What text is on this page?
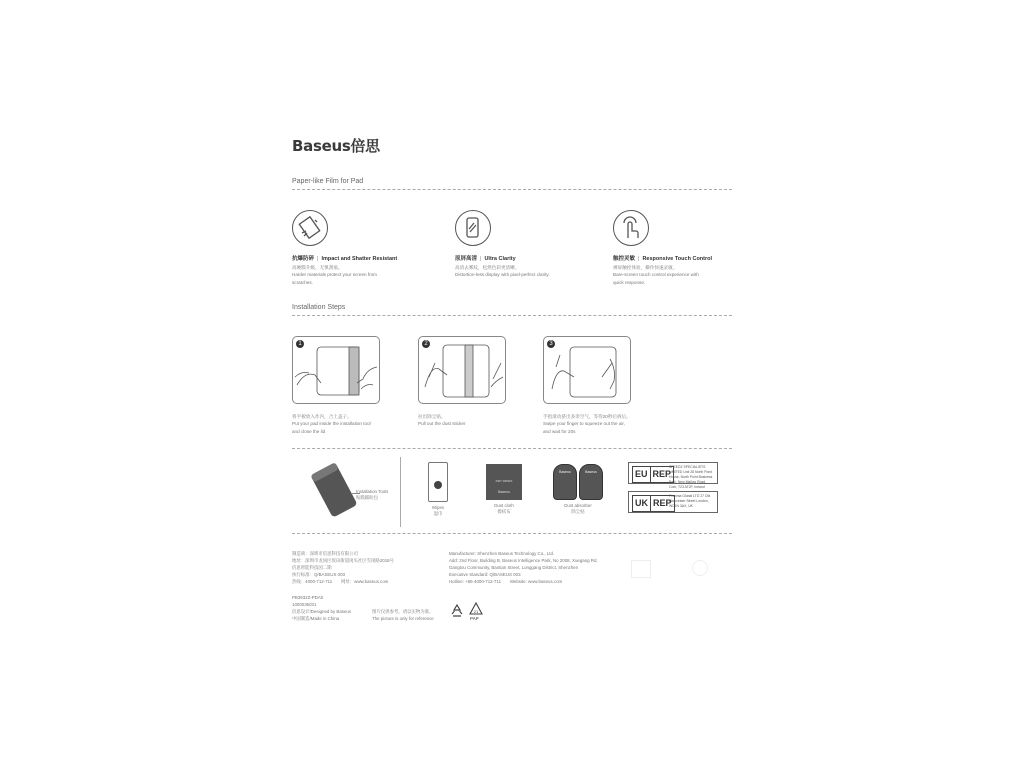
Baseus倍思
Paper-like Film for Pad
抗爆防碎 | Impact and Shatter Resistant
高硬膜升级，无惧刮痕。
Harder materials protect your screen from
scratches.
原屏高清 | Ultra Clarity
高清去雾纹，松然色彩更清晰。
Distortion-less display with pixel-perfect clarity.
触控灵敏 | Responsive Touch Control
裸屏触控体验，操作快速灵敏。
Bare-screen touch control experience with
quick response.
Installation Steps
1	2	3
将平板放入作内，合上盖子。
Put your pad inside the installation tool
and close the lid
拉出除尘贴。
Pull out the dust sticker
手指滑动挤出多余空气，等待20秒后拆后。
Swipe your finger to squeeze out the air,
and wait for 20s
Installation Tools
贴膜辅助包
Wipes
湿巾
DRY WIPES
Baseus
Dust cloth
擦拭布
Baseus	Baseus
Dust absorber
除尘贴
EU REP
SPEEDZ SPECIALISTS LIMITED Unit 28 North Point House, North Point Business Park, New Mallow Road, Cork, T23 AT2P, Ireland
UK REP
Proxima Global LTD 27 Old Gloucester Street London, WC1N 3AX, UK
制造商：深圳市倍思科技有限公司
地址：深圳市龙岗区坂田街道岗头社区雪岗路2018号
倍思智能科技园二期
执行标准：Q/BASEUS 003
热线：4000-712-711　　网址：www.baseus.com
Manufacturer: Shenzhen Baseus Technology Co., Ltd.
Add: 2nd Floor, Building B, Baseus Intelligence Park, No 2008, Xuegang Rd,
Gangtou Community, Bantian Street, Longgang District, Shenzhen
Executive Standard: Q/BASEUS 003
Hotline: +86-4000-712-711　　Website: www.baseus.com
PB3932Z-PDA0
1000036031
倍思设计/Designed by Baseus
中国制造/Made in China
图片仅供参考，请以实物为准。
The picture is only for reference
21
PAP
